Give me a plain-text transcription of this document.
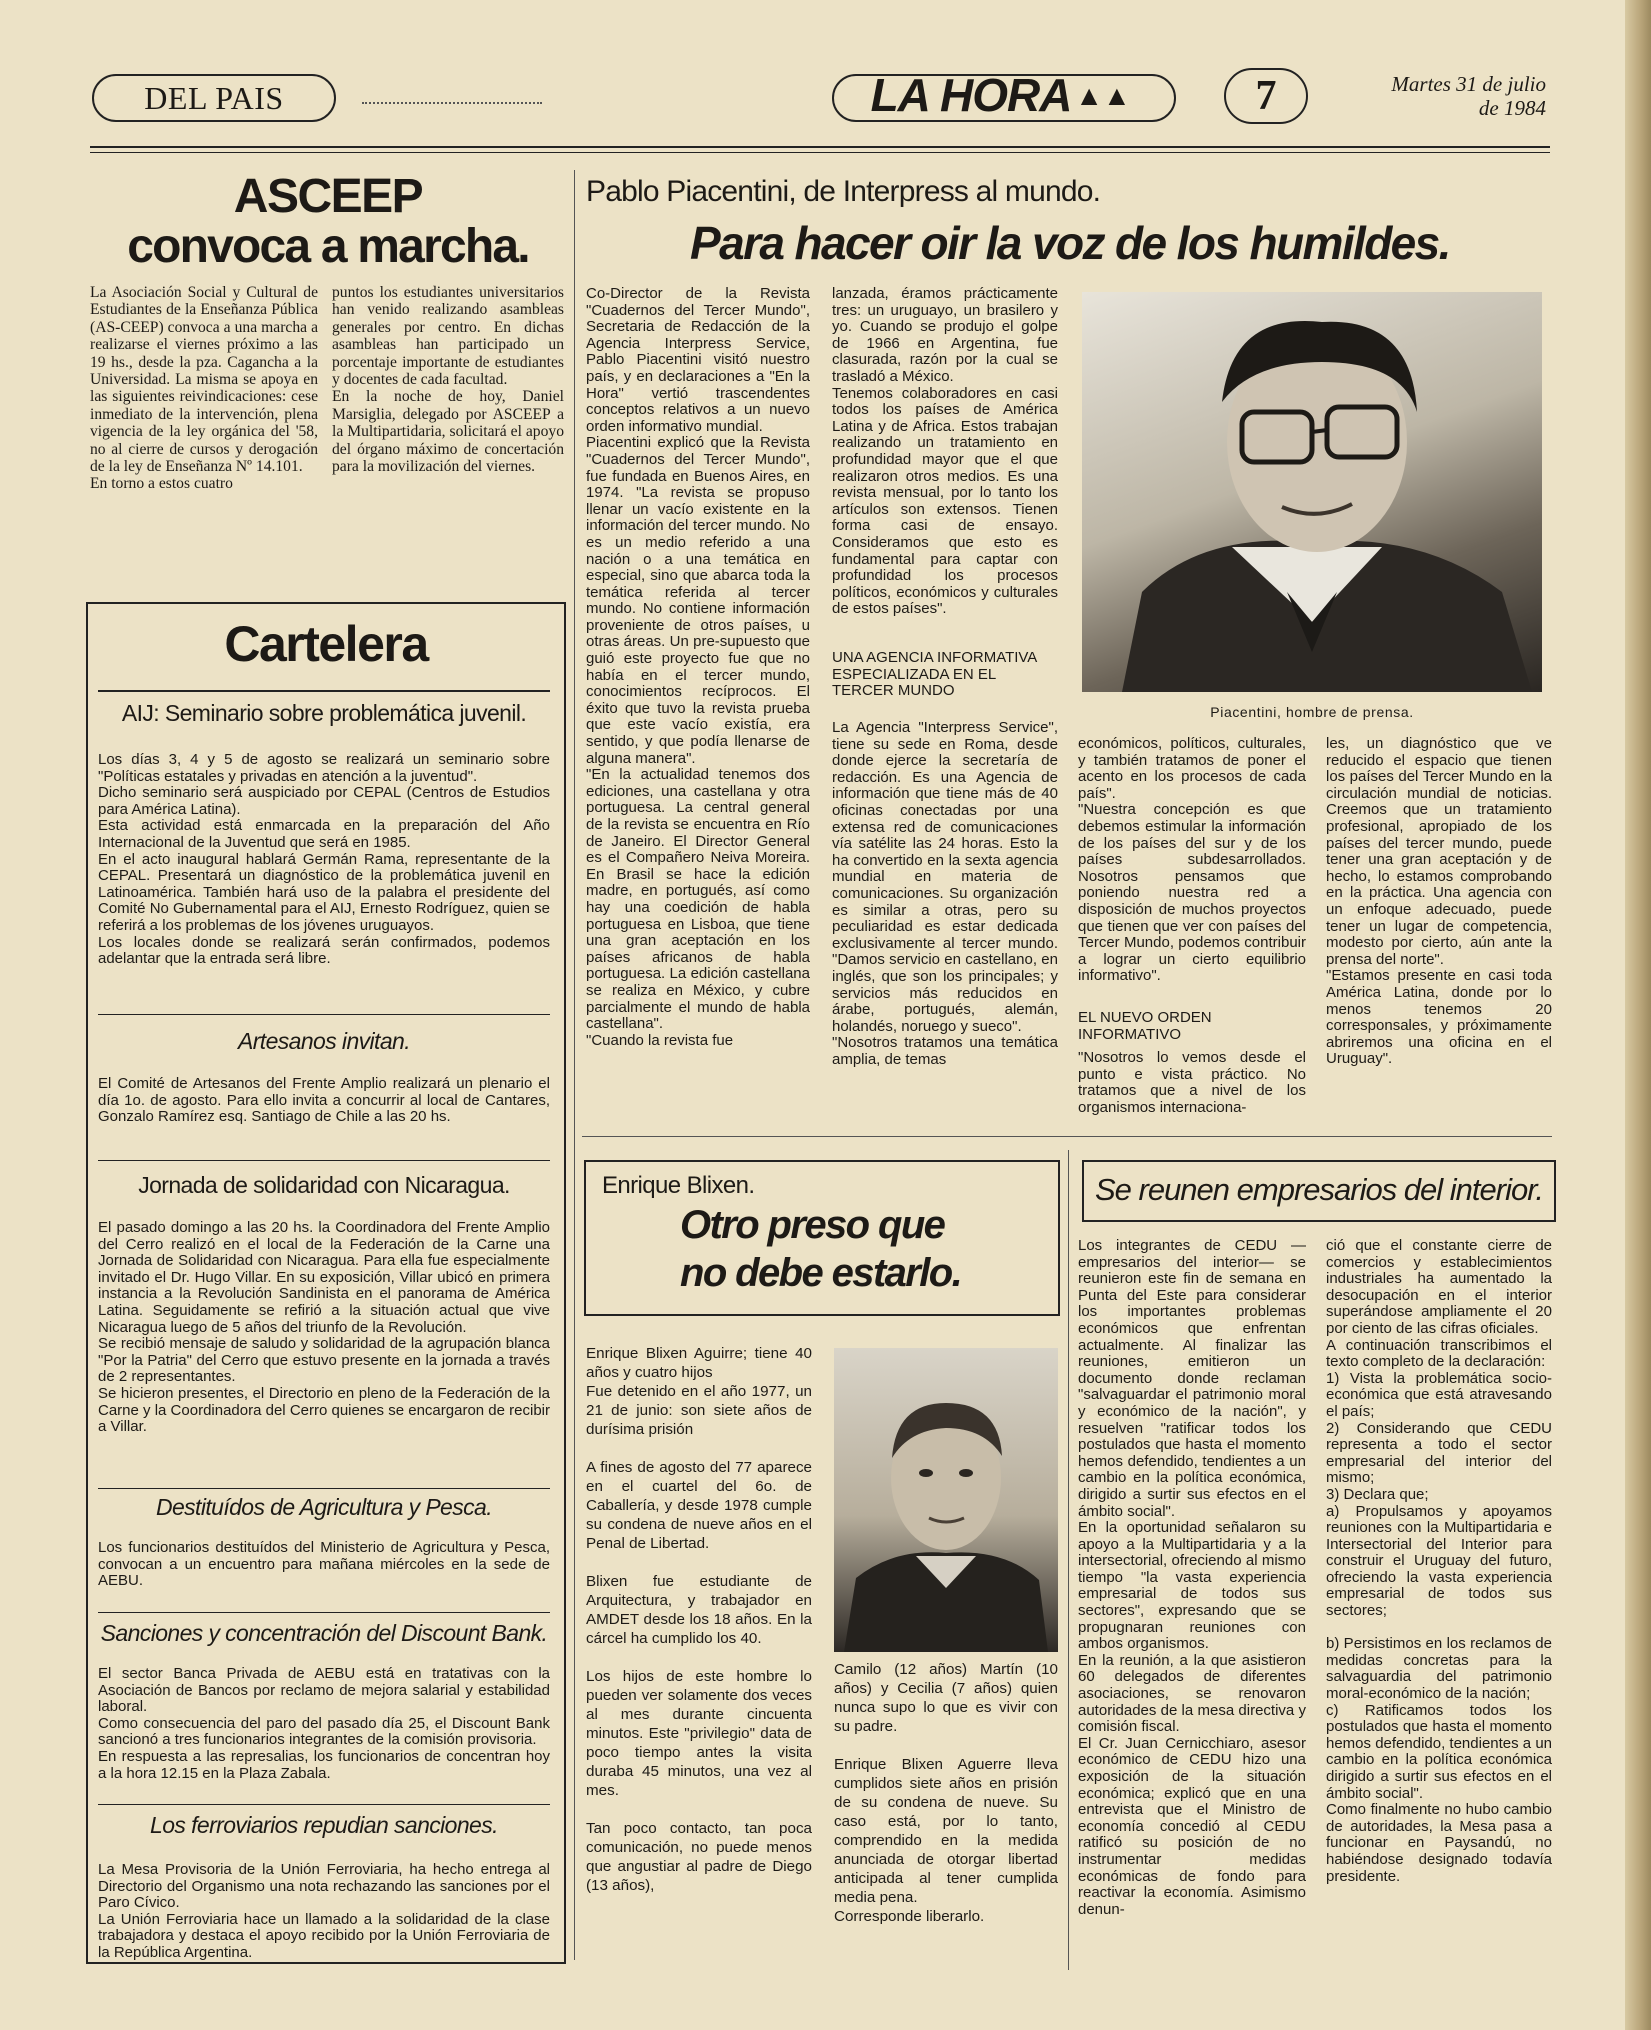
DEL PAIS	LA HORA ▲▲	7	Martes 31 de julio
de 1984
ASCEEP
convoca a marcha.

La Asociación Social y Cultural de Estudiantes de la Enseñanza Pública (AS-CEEP) convoca a una marcha a realizarse el viernes próximo a las 19 hs., desde la pza. Cagancha a la Universidad. La misma se apoya en las siguientes reivindicaciones: cese inmediato de la intervención, plena vigencia de la ley orgánica del '58, no al cierre de cursos y derogación de la ley de Enseñanza Nº 14.101.
En torno a estos cuatro

puntos los estudiantes universitarios han venido realizando asambleas generales por centro. En dichas asambleas han participado un porcentaje importante de estudiantes y docentes de cada facultad.
En la noche de hoy, Daniel Marsiglia, delegado por ASCEEP a la Multipartidaria, solicitará el apoyo del órgano máximo de concertación para la movilización del viernes.

Cartelera
AIJ: Seminario sobre problemática juvenil.

Los días 3, 4 y 5 de agosto se realizará un seminario sobre "Políticas estatales y privadas en atención a la juventud".
Dicho seminario será auspiciado por CEPAL (Centros de Estudios para América Latina).
Esta actividad está enmarcada en la preparación del Año Internacional de la Juventud que será en 1985.
En el acto inaugural hablará Germán Rama, representante de la CEPAL. Presentará un diagnóstico de la problemática juvenil en Latinoamérica. También hará uso de la palabra el presidente del Comité No Gubernamental para el AIJ, Ernesto Rodríguez, quien se referirá a los problemas de los jóvenes uruguayos.
Los locales donde se realizará serán confirmados, podemos adelantar que la entrada será libre.

Artesanos invitan.

El Comité de Artesanos del Frente Amplio realizará un plenario el día 1o. de agosto. Para ello invita a concurrir al local de Cantares, Gonzalo Ramírez esq. Santiago de Chile a las 20 hs.

Jornada de solidaridad con Nicaragua.

El pasado domingo a las 20 hs. la Coordinadora del Frente Amplio del Cerro realizó en el local de la Federación de la Carne una Jornada de Solidaridad con Nicaragua. Para ella fue especialmente invitado el Dr. Hugo Villar. En su exposición, Villar ubicó en primera instancia a la Revolución Sandinista en el panorama de América Latina. Seguidamente se refirió a la situación actual que vive Nicaragua luego de 5 años del triunfo de la Revolución.
Se recibió mensaje de saludo y solidaridad de la agrupación blanca "Por la Patria" del Cerro que estuvo presente en la jornada a través de 2 representantes.
Se hicieron presentes, el Directorio en pleno de la Federación de la Carne y la Coordinadora del Cerro quienes se encargaron de recibir a Villar.

Destituídos de Agricultura y Pesca.

Los funcionarios destituídos del Ministerio de Agricultura y Pesca, convocan a un encuentro para mañana miércoles en la sede de AEBU.

Sanciones y concentración del Discount Bank.

El sector Banca Privada de AEBU está en tratativas con la Asociación de Bancos por reclamo de mejora salarial y estabilidad laboral.
Como consecuencia del paro del pasado día 25, el Discount Bank sancionó a tres funcionarios integrantes de la comisión provisoria.
En respuesta a las represalias, los funcionarios de concentran hoy a la hora 12.15 en la Plaza Zabala.

Los ferroviarios repudian sanciones.

La Mesa Provisoria de la Unión Ferroviaria, ha hecho entrega al Directorio del Organismo una nota rechazando las sanciones por el Paro Cívico.
La Unión Ferroviaria hace un llamado a la solidaridad de la clase trabajadora y destaca el apoyo recibido por la Unión Ferroviaria de la República Argentina.

Pablo Piacentini, de Interpress al mundo.
Para hacer oir la voz de los humildes.

Co-Director de la Revista "Cuadernos del Tercer Mundo", Secretaria de Redacción de la Agencia Interpress Service, Pablo Piacentini visitó nuestro país, y en declaraciones a "En la Hora" vertió trascendentes conceptos relativos a un nuevo orden informativo mundial.
Piacentini explicó que la Revista "Cuadernos del Tercer Mundo", fue fundada en Buenos Aires, en 1974. "La revista se propuso llenar un vacío existente en la información del tercer mundo. No es un medio referido a una nación o a una temática en especial, sino que abarca toda la temática referida al tercer mundo. No contiene información proveniente de otros países, u otras áreas. Un pre-supuesto que guió este proyecto fue que no había en el tercer mundo, conocimientos recíprocos. El éxito que tuvo la revista prueba que este vacío existía, era sentido, y que podía llenarse de alguna manera".
"En la actualidad tenemos dos ediciones, una castellana y otra portuguesa. La central general de la revista se encuentra en Río de Janeiro. El Director General es el Compañero Neiva Moreira. En Brasil se hace la edición madre, en portugués, así como hay una coedición de habla portuguesa en Lisboa, que tiene una gran aceptación en los países africanos de habla portuguesa. La edición castellana se realiza en México, y cubre parcialmente el mundo de habla castellana".
"Cuando la revista fue

lanzada, éramos prácticamente tres: un uruguayo, un brasilero y yo. Cuando se produjo el golpe de 1966 en Argentina, fue clasurada, razón por la cual se trasladó a México.
Tenemos colaboradores en casi todos los países de América Latina y de Africa. Estos trabajan realizando un tratamiento en profundidad mayor que el que realizaron otros medios. Es una revista mensual, por lo tanto los artículos son extensos. Tienen forma casi de ensayo. Consideramos que esto es fundamental para captar con profundidad los procesos políticos, económicos y culturales de estos países".

UNA AGENCIA INFORMATIVA ESPECIALIZADA EN EL TERCER MUNDO

La Agencia "Interpress Service", tiene su sede en Roma, desde donde ejerce la secretaría de redacción. Es una Agencia de información que tiene más de 40 oficinas conectadas por una extensa red de comunicaciones vía satélite las 24 horas. Esto la ha convertido en la sexta agencia mundial en materia de comunicaciones. Su organización es similar a otras, pero su peculiaridad es estar dedicada exclusivamente al tercer mundo. "Damos servicio en castellano, en inglés, que son los principales; y servicios más reducidos en árabe, portugués, alemán, holandés, noruego y sueco".
"Nosotros tratamos una temática amplia, de temas

Piacentini, hombre de prensa.

económicos, políticos, culturales, y también tratamos de poner el acento en los procesos de cada país".
"Nuestra concepción es que debemos estimular la información de los países del sur y de los países subdesarrollados. Nosotros pensamos que poniendo nuestra red a disposición de muchos proyectos que tienen que ver con países del Tercer Mundo, podemos contribuir a lograr un cierto equilibrio informativo".

EL NUEVO ORDEN INFORMATIVO

"Nosotros lo vemos desde el punto e vista práctico. No tratamos que a nivel de los organismos internaciona-

les, un diagnóstico que ve reducido el espacio que tienen los países del Tercer Mundo en la circulación mundial de noticias. Creemos que un tratamiento profesional, apropiado de los países del tercer mundo, puede tener una gran aceptación y de hecho, lo estamos comprobando en la práctica. Una agencia con un enfoque adecuado, puede tener un lugar de competencia, modesto por cierto, aún ante la prensa del norte".
"Estamos presente en casi toda América Latina, donde por lo menos tenemos 20 corresponsales, y próximamente abriremos una oficina en el Uruguay".

Enrique Blixen.
Otro preso que
no debe estarlo.

Enrique Blixen Aguirre; tiene 40 años y cuatro hijos
Fue detenido en el año 1977, un 21 de junio: son siete años de durísima prisión

A fines de agosto del 77 aparece en el cuartel del 6o. de Caballería, y desde 1978 cumple su condena de nueve años en el Penal de Libertad.

Blixen fue estudiante de Arquitectura, y trabajador en AMDET desde los 18 años. En la cárcel ha cumplido los 40.

Los hijos de este hombre lo pueden ver solamente dos veces al mes durante cincuenta minutos. Este "privilegio" data de poco tiempo antes la visita duraba 45 minutos, una vez al mes.

Tan poco contacto, tan poca comunicación, no puede menos que angustiar al padre de Diego (13 años),

Camilo (12 años) Martín (10 años) y Cecilia (7 años) quien nunca supo lo que es vivir con su padre.

Enrique Blixen Aguerre lleva cumplidos siete años en prisión de su condena de nueve. Su caso está, por lo tanto, comprendido en la medida anunciada de otorgar libertad anticipada al tener cumplida media pena.
Corresponde liberarlo.

Se reunen empresarios del interior.

Los integrantes de CEDU —empresarios del interior— se reunieron este fin de semana en Punta del Este para considerar los importantes problemas económicos que enfrentan actualmente. Al finalizar las reuniones, emitieron un documento donde reclaman "salvaguardar el patrimonio moral y económico de la nación", y resuelven "ratificar todos los postulados que hasta el momento hemos defendido, tendientes a un cambio en la política económica, dirigido a surtir sus efectos en el ámbito social".
En la oportunidad señalaron su apoyo a la Multipartidaria y a la intersectorial, ofreciendo al mismo tiempo "la vasta experiencia empresarial de todos sus sectores", expresando que se propugnaran reuniones con ambos organismos.
En la reunión, a la que asistieron 60 delegados de diferentes asociaciones, se renovaron autoridades de la mesa directiva y comisión fiscal.
El Cr. Juan Cernicchiaro, asesor económico de CEDU hizo una exposición de la situación económica; explicó que en una entrevista que el Ministro de economía concedió al CEDU ratificó su posición de no instrumentar medidas económicas de fondo para reactivar la economía. Asimismo denun-

ció que el constante cierre de comercios y establecimientos industriales ha aumentado la desocupación en el interior superándose ampliamente el 20 por ciento de las cifras oficiales.
A continuación transcribimos el texto completo de la declaración:
1) Vista la problemática socio-económica que está atravesando el país;
2) Considerando que CEDU representa a todo el sector empresarial del interior del mismo;
3) Declara que;
a) Propulsamos y apoyamos reuniones con la Multipartidaria e Intersectorial del Interior para construir el Uruguay del futuro, ofreciendo la vasta experiencia empresarial de todos sus sectores;

b) Persistimos en los reclamos de medidas concretas para la salvaguardia del patrimonio moral-económico de la nación;
c) Ratificamos todos los postulados que hasta el momento hemos defendido, tendientes a un cambio en la política económica dirigido a surtir sus efectos en el ámbito social".
Como finalmente no hubo cambio de autoridades, la Mesa pasa a funcionar en Paysandú, no habiéndose designado todavía presidente.
